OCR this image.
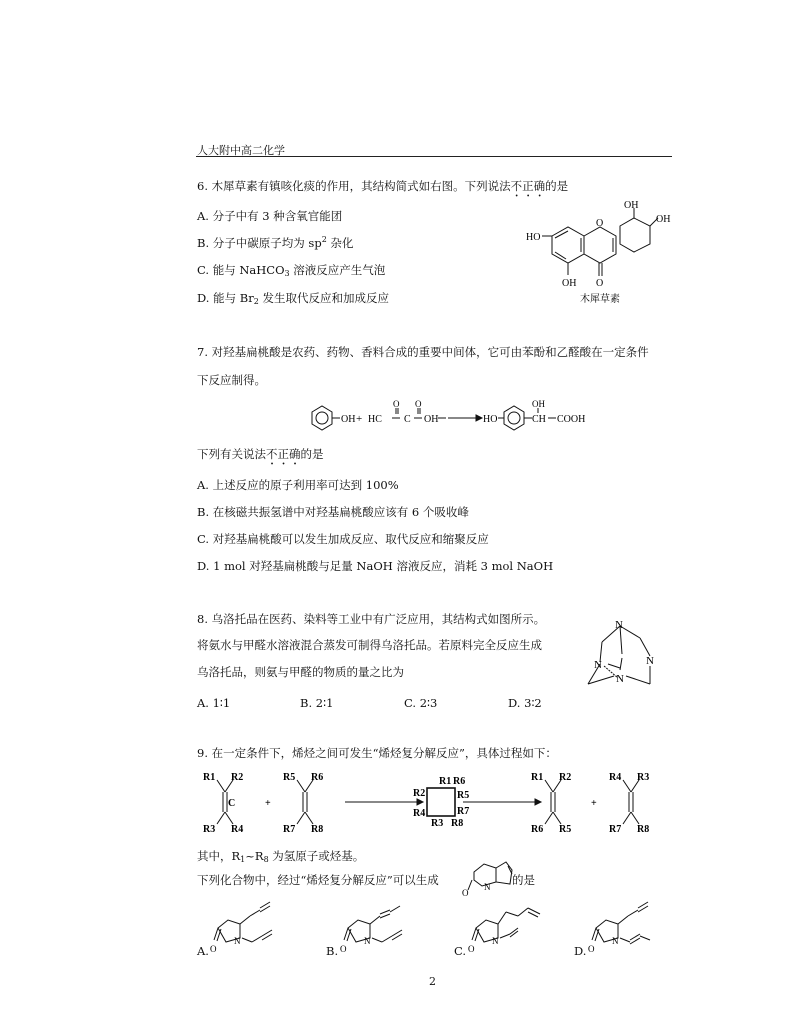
人大附中高二化学
6. 木犀草素有镇咳化痰的作用，其结构简式如右图。下列说法不正确的是
A. 分子中有 3 种含氧官能团
B. 分子中碳原子均为 $sp^2$ 杂化
C. 能与 NaHCO$_3$ 溶液反应产生气泡
D. 能与 $Br_2$ 发生取代反应和加成反应
OH
OH
HO
OH
O
O
木犀草素
7. 对羟基扁桃酸是农药、药物、香料合成的重要中间体，它可由苯酚和乙醛酸在一定条件
下反应制得。
OH +
O O
HC C OH	HO
OH
CH COOH
下列有关说法不正确的是
A. 上述反应的原子利用率可达到 100%
B. 在核磁共振氢谱中对羟基扁桃酸应该有 6 个吸收峰
C. 对羟基扁桃酸可以发生加成反应、取代反应和缩聚反应
D. 1 mol 对羟基扁桃酸与足量 NaOH 溶液反应，消耗 3 mol NaOH
8. 乌洛托品在医药、染料等工业中有广泛应用，其结构式如图所示。
将氨水与甲醛水溶液混合蒸发可制得乌洛托品。若原料完全反应生成
乌洛托品，则氨与甲醛的物质的量之比为
A. 1∶1	B. 2∶1	C. 2∶3	D. 3∶2
N
N	N
N
9. 在一定条件下，烯烃之间可发生“烯烃复分解反应”，具体过程如下：
R1 R2
C
R3 R4
+
R5 R6
R7 R8
R1
R2
R6
R5
R4
R3
R7
R8
R1 R2
R6 R5
+
R4 R3
R7 R8
其中，$R_1\sim R_8$ 为氢原子或烃基。
下列化合物中，经过“烯烃复分解反应”可以生成	的是
O
N
A. O
N
B. O
N
C. O
N
D. O
N
2
